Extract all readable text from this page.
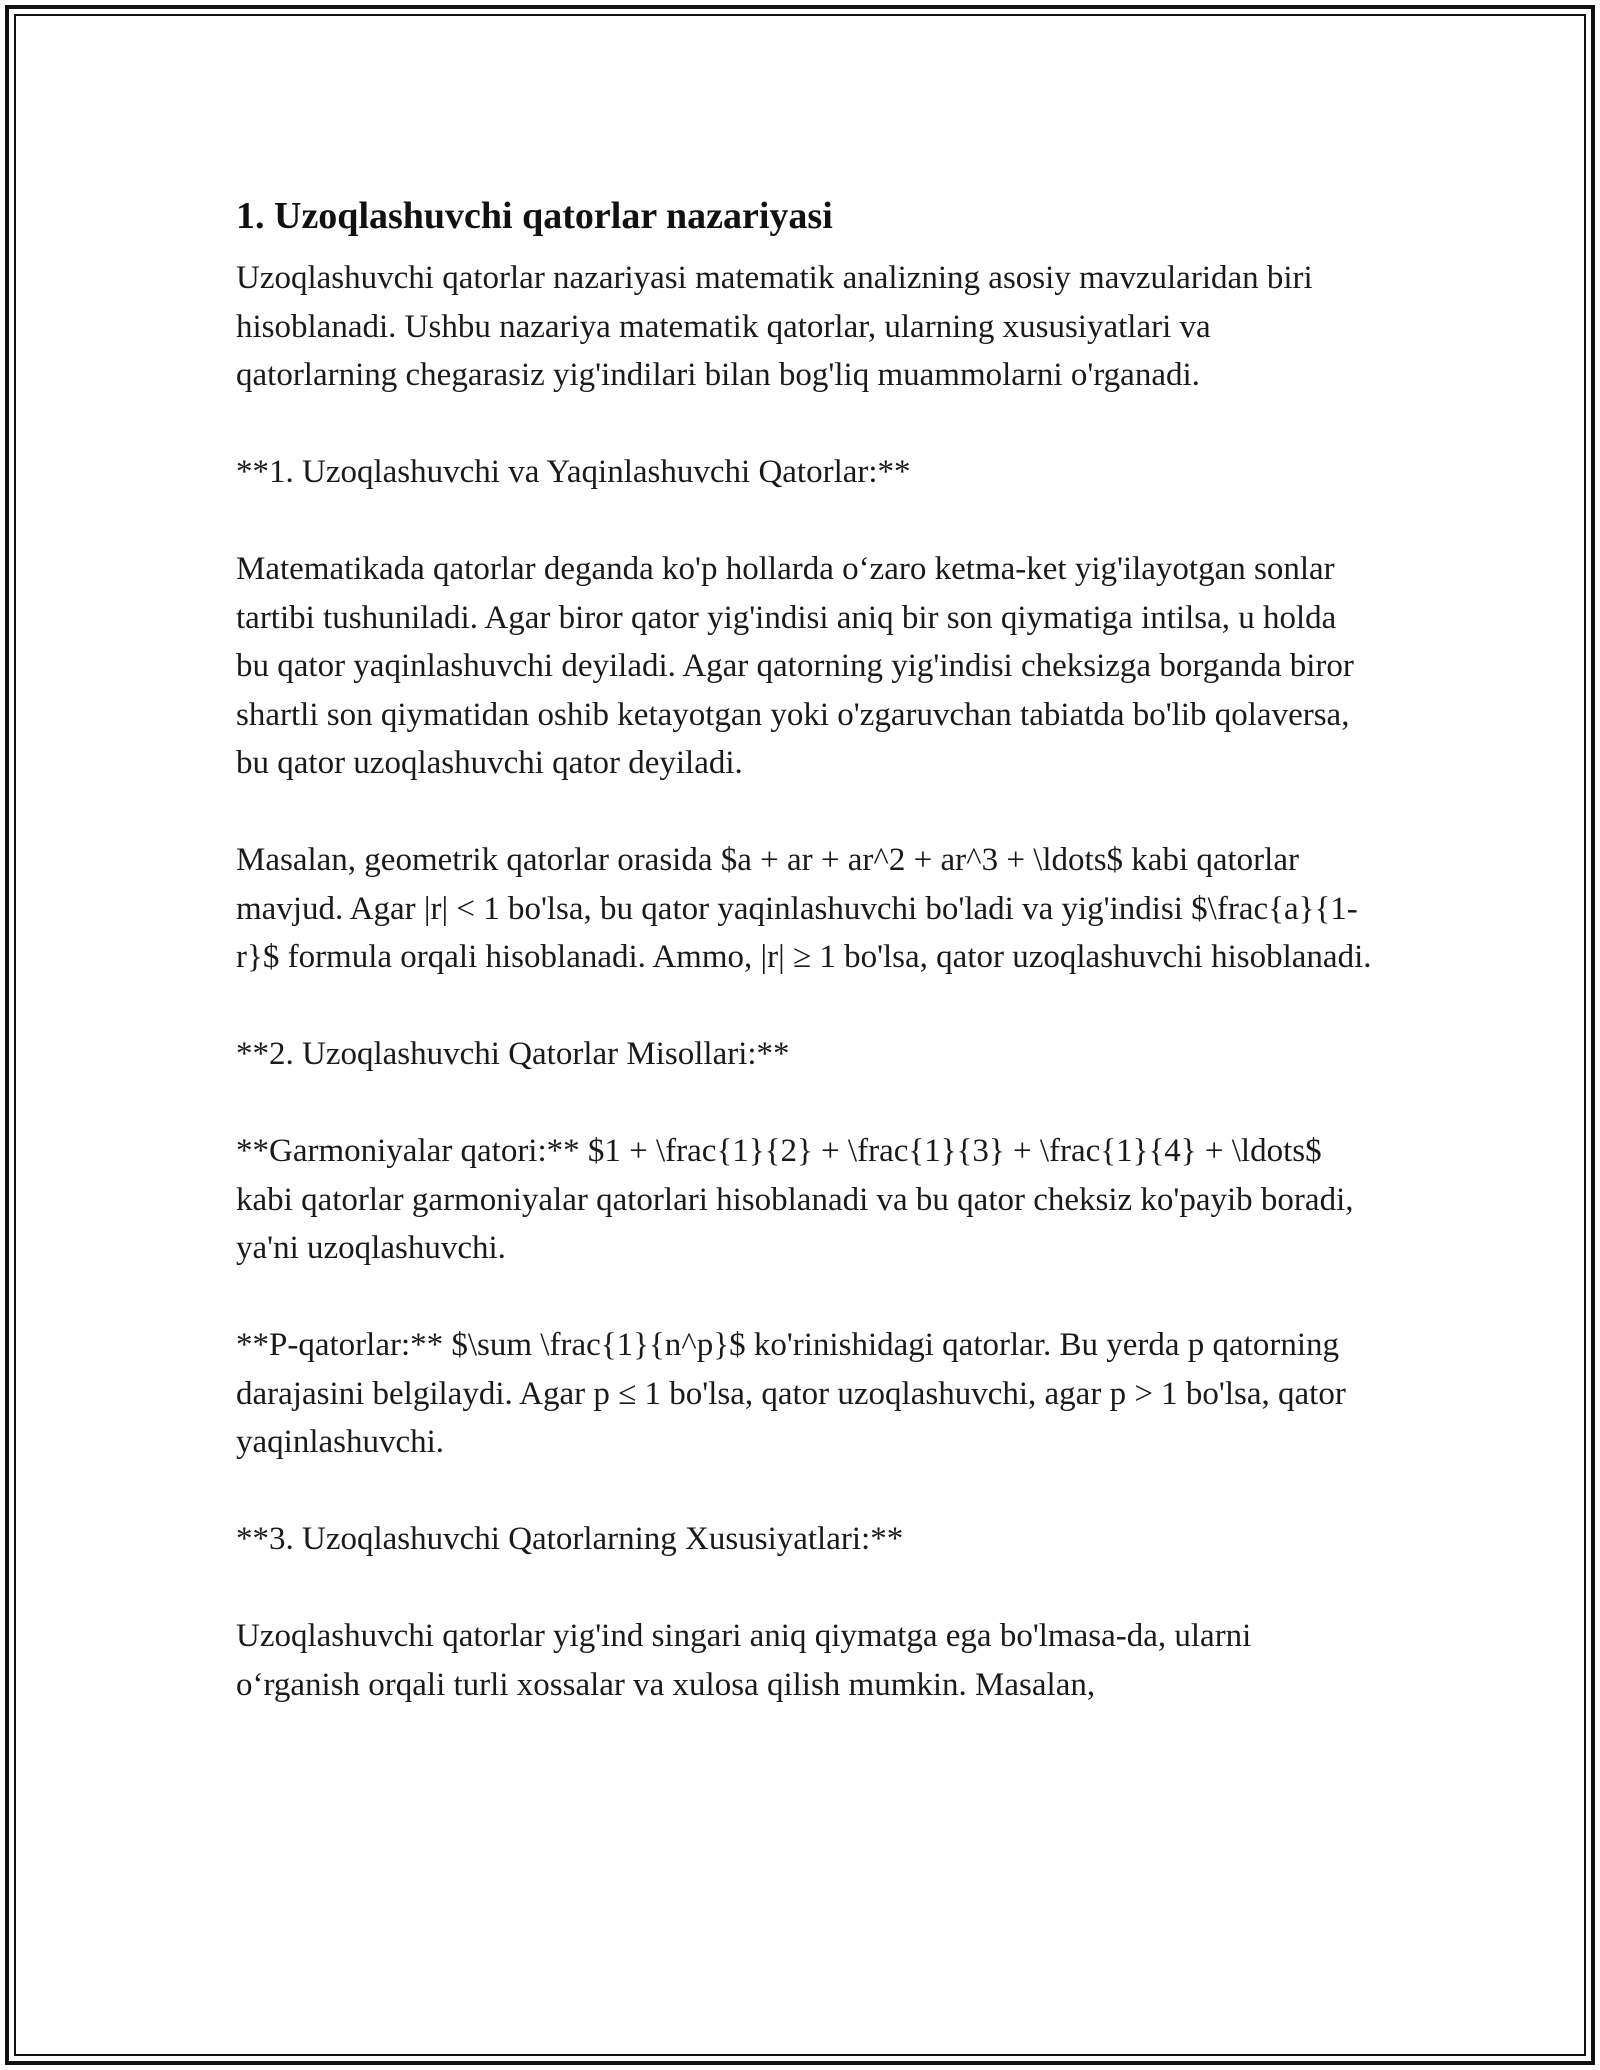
1. Uzoqlashuvchi qatorlar nazariyasi

Uzoqlashuvchi qatorlar nazariyasi matematik analizning asosiy mavzularidan biri hisoblanadi. Ushbu nazariya matematik qatorlar, ularning xususiyatlari va qatorlarning chegarasiz yig'indilari bilan bog'liq muammolarni o'rganadi.

**1. Uzoqlashuvchi va Yaqinlashuvchi Qatorlar:**

Matematikada qatorlar deganda ko'p hollarda o‘zaro ketma-ket yig'ilayotgan sonlar tartibi tushuniladi. Agar biror qator yig'indisi aniq bir son qiymatiga intilsa, u holda bu qator yaqinlashuvchi deyiladi. Agar qatorning yig'indisi cheksizga borganda biror shartli son qiymatidan oshib ketayotgan yoki o'zgaruvchan tabiatda bo'lib qolaversa, bu qator uzoqlashuvchi qator deyiladi.

Masalan, geometrik qatorlar orasida $a + ar + ar^2 + ar^3 + \ldots$ kabi qatorlar mavjud. Agar |r| < 1 bo'lsa, bu qator yaqinlashuvchi bo'ladi va yig'indisi $\frac{a}{1-r}$ formula orqali hisoblanadi. Ammo, |r| ≥ 1 bo'lsa, qator uzoqlashuvchi hisoblanadi.

**2. Uzoqlashuvchi Qatorlar Misollari:**

**Garmoniyalar qatori:** $1 + \frac{1}{2} + \frac{1}{3} + \frac{1}{4} + \ldots$ kabi qatorlar garmoniyalar qatorlari hisoblanadi va bu qator cheksiz ko'payib boradi, ya'ni uzoqlashuvchi.

**P-qatorlar:** $\sum \frac{1}{n^p}$ ko'rinishidagi qatorlar. Bu yerda p qatorning darajasini belgilaydi. Agar p ≤ 1 bo'lsa, qator uzoqlashuvchi, agar p > 1 bo'lsa, qator yaqinlashuvchi.

**3. Uzoqlashuvchi Qatorlarning Xususiyatlari:**

Uzoqlashuvchi qatorlar yig'ind singari aniq qiymatga ega bo'lmasa-da, ularni o‘rganish orqali turli xossalar va xulosa qilish mumkin. Masalan,
